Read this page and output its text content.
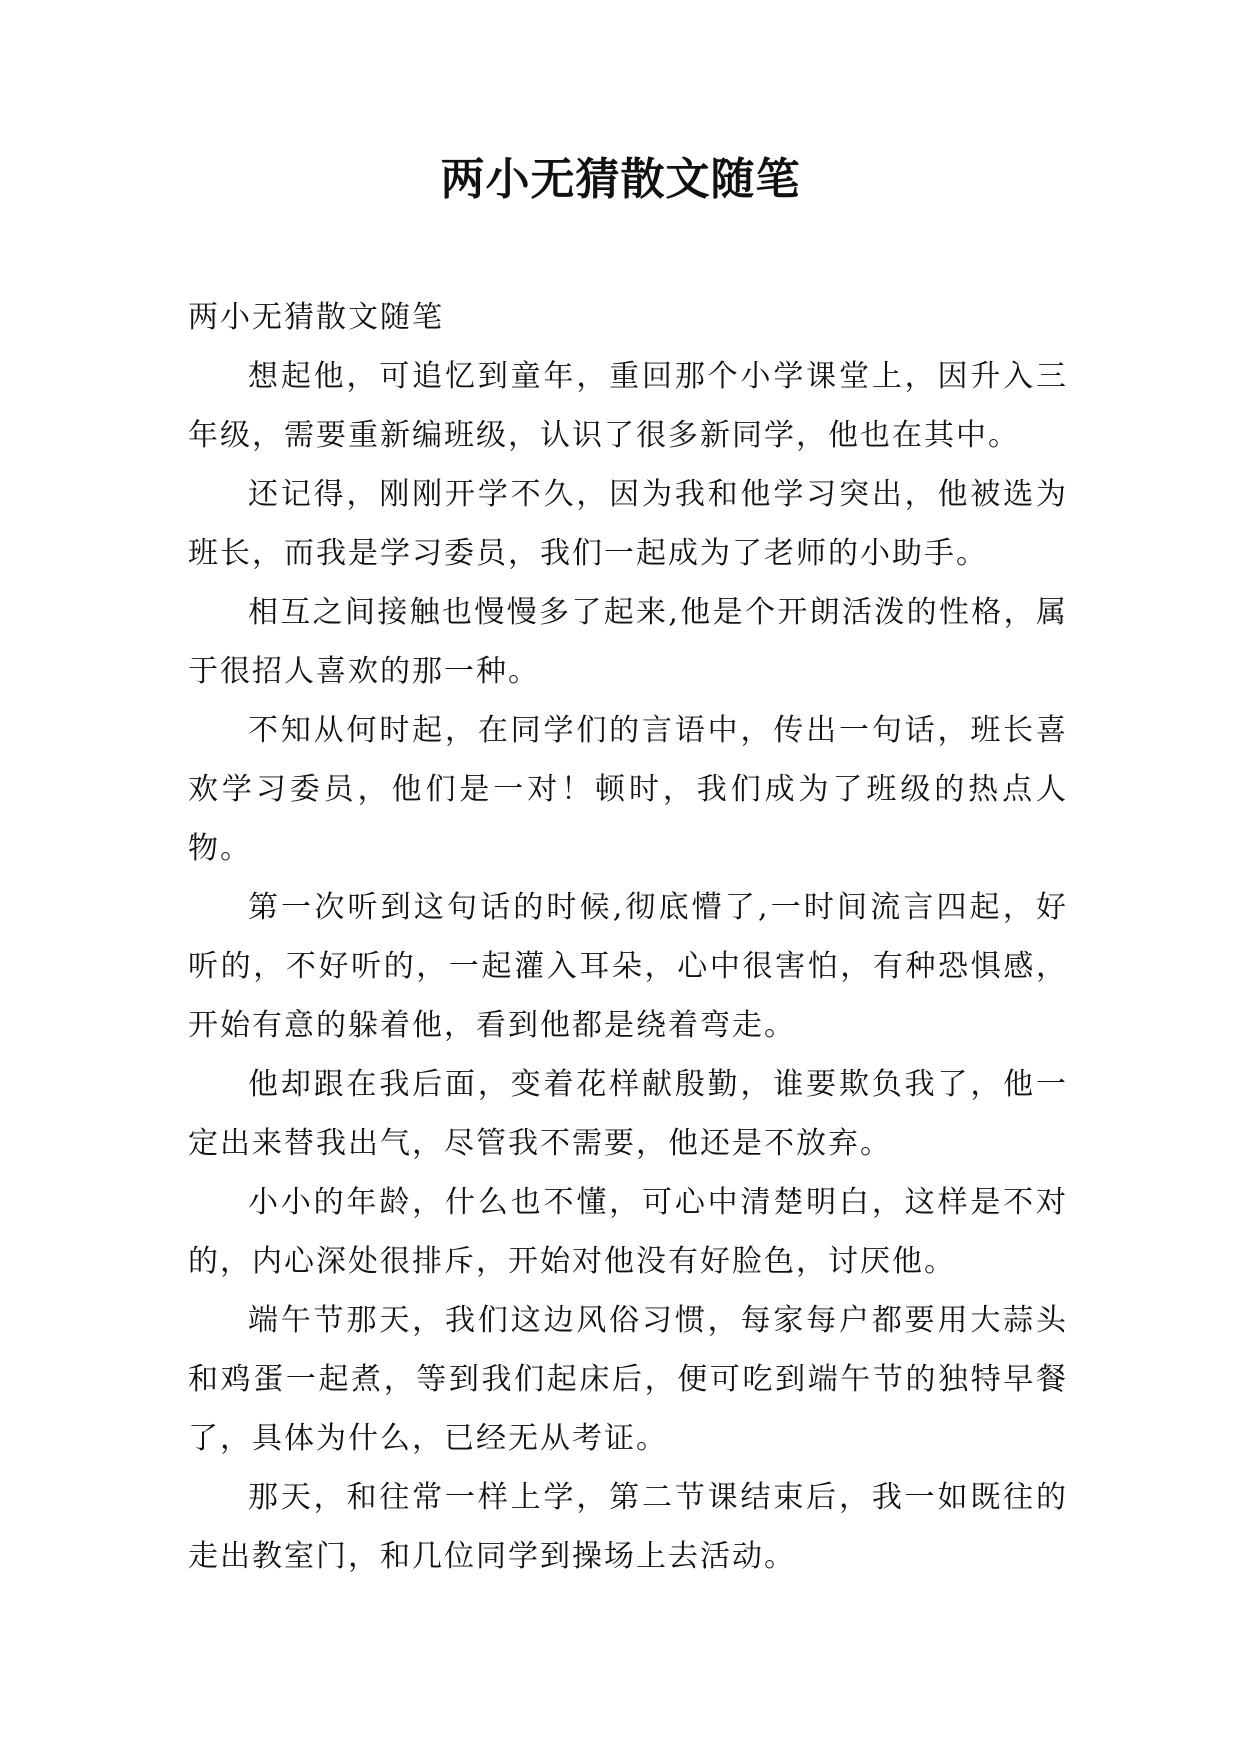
两小无猜散文随笔

两小无猜散文随笔

想起他，可追忆到童年，重回那个小学课堂上，因升入三年级，需要重新编班级，认识了很多新同学，他也在其中。

还记得，刚刚开学不久，因为我和他学习突出，他被选为班长，而我是学习委员，我们一起成为了老师的小助手。

相互之间接触也慢慢多了起来,他是个开朗活泼的性格，属于很招人喜欢的那一种。

不知从何时起，在同学们的言语中，传出一句话，班长喜欢学习委员，他们是一对！顿时，我们成为了班级的热点人物。

第一次听到这句话的时候,彻底懵了,一时间流言四起，好听的，不好听的，一起灌入耳朵，心中很害怕，有种恐惧感，开始有意的躲着他，看到他都是绕着弯走。

他却跟在我后面，变着花样献殷勤，谁要欺负我了，他一定出来替我出气，尽管我不需要，他还是不放弃。

小小的年龄，什么也不懂，可心中清楚明白，这样是不对的，内心深处很排斥，开始对他没有好脸色，讨厌他。

端午节那天，我们这边风俗习惯，每家每户都要用大蒜头和鸡蛋一起煮，等到我们起床后，便可吃到端午节的独特早餐了，具体为什么，已经无从考证。

那天，和往常一样上学，第二节课结束后，我一如既往的走出教室门，和几位同学到操场上去活动。
